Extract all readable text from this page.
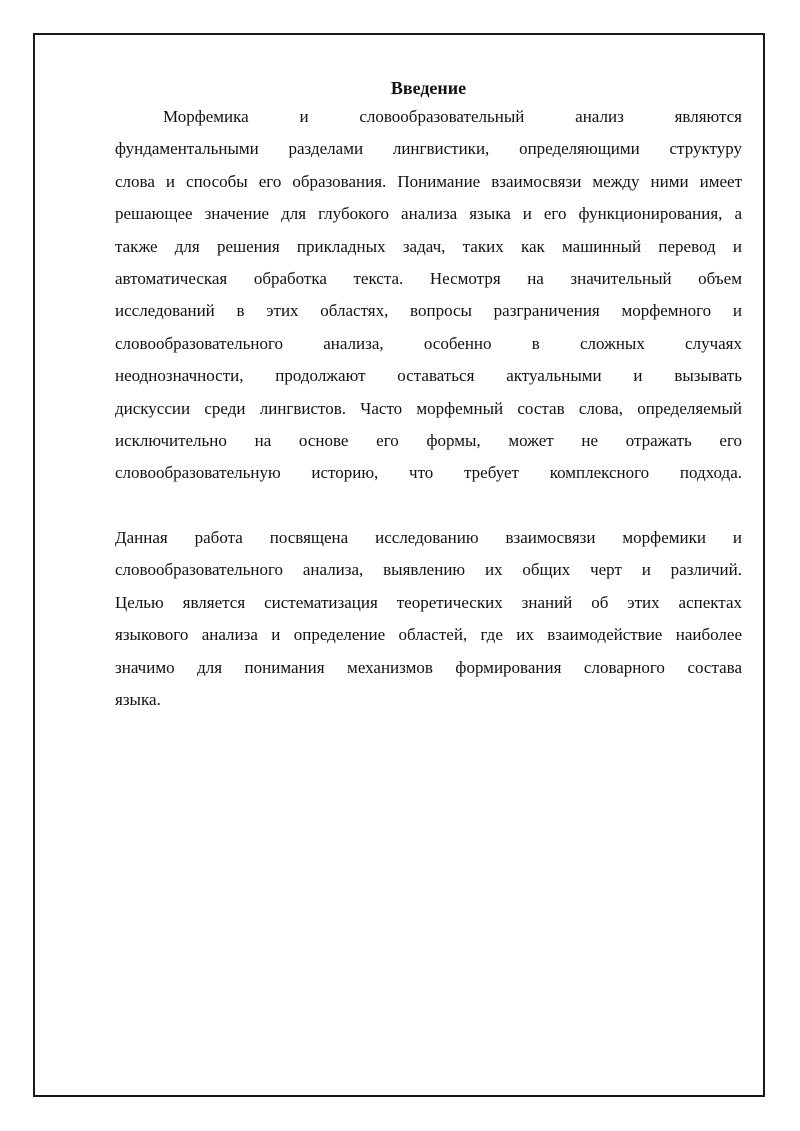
Введение

Морфемика и словообразовательный анализ являются

фундаментальными разделами лингвистики, определяющими структуру

слова и способы его образования. Понимание взаимосвязи между ними имеет

решающее значение для глубокого анализа языка и его функционирования, а

также для решения прикладных задач, таких как машинный перевод и

автоматическая обработка текста. Несмотря на значительный объем

исследований в этих областях, вопросы разграничения морфемного и

словообразовательного анализа, особенно в сложных случаях

неоднозначности, продолжают оставаться актуальными и вызывать

дискуссии среди лингвистов. Часто морфемный состав слова, определяемый

исключительно на основе его формы, может не отражать его

словообразовательную историю, что требует комплексного подхода.

Данная работа посвящена исследованию взаимосвязи морфемики и

словообразовательного анализа, выявлению их общих черт и различий.

Целью является систематизация теоретических знаний об этих аспектах

языкового анализа и определение областей, где их взаимодействие наиболее

значимо для понимания механизмов формирования словарного состава

языка.
